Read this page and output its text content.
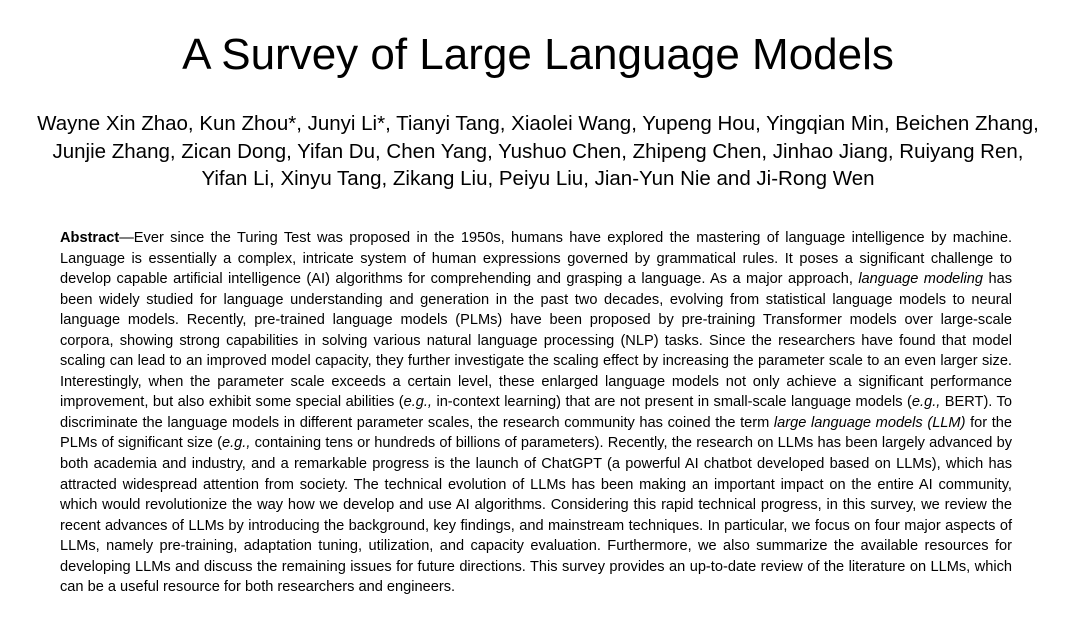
A Survey of Large Language Models
Wayne Xin Zhao, Kun Zhou*, Junyi Li*, Tianyi Tang, Xiaolei Wang, Yupeng Hou, Yingqian Min, Beichen Zhang, Junjie Zhang, Zican Dong, Yifan Du, Chen Yang, Yushuo Chen, Zhipeng Chen, Jinhao Jiang, Ruiyang Ren, Yifan Li, Xinyu Tang, Zikang Liu, Peiyu Liu, Jian-Yun Nie and Ji-Rong Wen
Abstract—Ever since the Turing Test was proposed in the 1950s, humans have explored the mastering of language intelligence by machine. Language is essentially a complex, intricate system of human expressions governed by grammatical rules. It poses a significant challenge to develop capable artificial intelligence (AI) algorithms for comprehending and grasping a language. As a major approach, language modeling has been widely studied for language understanding and generation in the past two decades, evolving from statistical language models to neural language models. Recently, pre-trained language models (PLMs) have been proposed by pre-training Transformer models over large-scale corpora, showing strong capabilities in solving various natural language processing (NLP) tasks. Since the researchers have found that model scaling can lead to an improved model capacity, they further investigate the scaling effect by increasing the parameter scale to an even larger size. Interestingly, when the parameter scale exceeds a certain level, these enlarged language models not only achieve a significant performance improvement, but also exhibit some special abilities (e.g., in-context learning) that are not present in small-scale language models (e.g., BERT). To discriminate the language models in different parameter scales, the research community has coined the term large language models (LLM) for the PLMs of significant size (e.g., containing tens or hundreds of billions of parameters). Recently, the research on LLMs has been largely advanced by both academia and industry, and a remarkable progress is the launch of ChatGPT (a powerful AI chatbot developed based on LLMs), which has attracted widespread attention from society. The technical evolution of LLMs has been making an important impact on the entire AI community, which would revolutionize the way how we develop and use AI algorithms. Considering this rapid technical progress, in this survey, we review the recent advances of LLMs by introducing the background, key findings, and mainstream techniques. In particular, we focus on four major aspects of LLMs, namely pre-training, adaptation tuning, utilization, and capacity evaluation. Furthermore, we also summarize the available resources for developing LLMs and discuss the remaining issues for future directions. This survey provides an up-to-date review of the literature on LLMs, which can be a useful resource for both researchers and engineers.
